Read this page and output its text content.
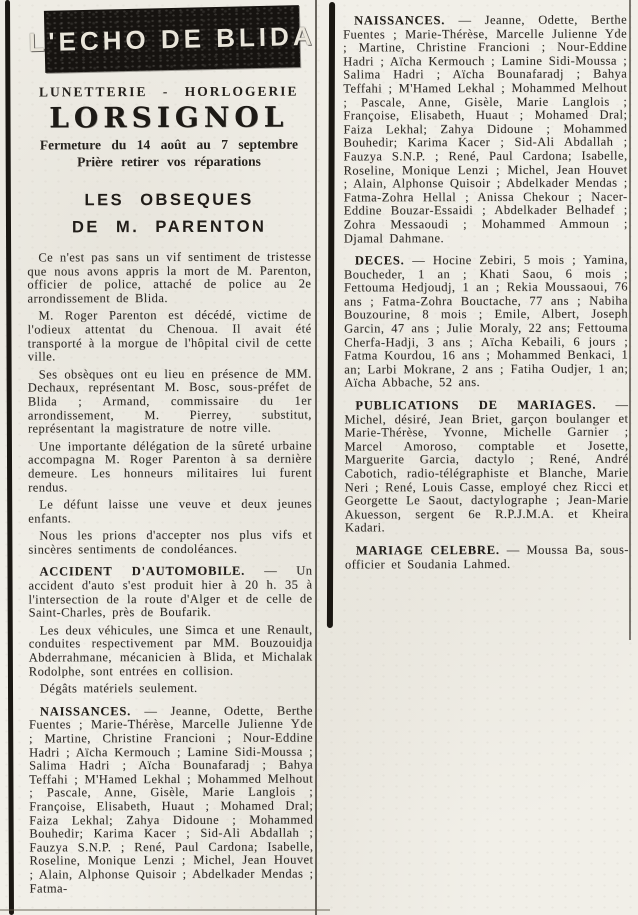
L'ECHO DE BLIDA
LUNETTERIE - HORLOGERIE
LORSIGNOL
Fermeture du 14 août au 7 septembre
Prière retirer vos réparations
LES OBSEQUES
DE M. PARENTON

Ce n'est pas sans un vif sentiment de tristesse que nous avons appris la mort de M. Parenton, officier de police, attaché de police au 2e arrondissement de Blida.

M. Roger Parenton est décédé, victime de l'odieux attentat du Chenoua. Il avait été transporté à la morgue de l'hôpital civil de cette ville.

Ses obsèques ont eu lieu en présence de MM. Dechaux, représentant M. Bosc, sous-préfet de Blida ; Armand, commissaire du 1er arrondissement, M. Pierrey, substitut, représentant la magistrature de notre ville.

Une importante délégation de la sûreté urbaine accompagna M. Roger Parenton à sa dernière demeure. Les honneurs militaires lui furent rendus.

Le défunt laisse une veuve et deux jeunes enfants.

Nous les prions d'accepter nos plus vifs et sincères sentiments de condoléances.

ACCIDENT D'AUTOMOBILE. — Un accident d'auto s'est produit hier à 20 h. 35 à l'intersection de la route d'Alger et de celle de Saint-Charles, près de Boufarik.

Les deux véhicules, une Simca et une Renault, conduites respectivement par MM. Bouzouidja Abderrahmane, mécanicien à Blida, et Michalak Rodolphe, sont entrées en collision.

Dégâts matériels seulement.

NAISSANCES. — Jeanne, Odette, Berthe Fuentes ; Marie-Thérèse, Marcelle Julienne Yde ; Martine, Christine Francioni ; Nour-Eddine Hadri ; Aïcha Kermouch ; Lamine Sidi-Moussa ; Salima Hadri ; Aïcha Bounafaradj ; Bahya Teffahi ; M'Hamed Lekhal ; Mohammed Melhout ; Pascale, Anne, Gisèle, Marie Langlois ; Françoise, Elisabeth, Huaut ; Mohamed Dral; Faiza Lekhal; Zahya Didoune ; Mohammed Bouhedir; Karima Kacer ; Sid-Ali Abdallah ; Fauzya S.N.P. ; René, Paul Cardona; Isabelle, Roseline, Monique Lenzi ; Michel, Jean Houvet ; Alain, Alphonse Quisoir ; Abdelkader Mendas ; Fatma-

NAISSANCES. — Jeanne, Odette, Berthe Fuentes ; Marie-Thérèse, Marcelle Julienne Yde ; Martine, Christine Francioni ; Nour-Eddine Hadri ; Aïcha Kermouch ; Lamine Sidi-Moussa ; Salima Hadri ; Aïcha Bounafaradj ; Bahya Teffahi ; M'Hamed Lekhal ; Mohammed Melhout ; Pascale, Anne, Gisèle, Marie Langlois ; Françoise, Elisabeth, Huaut ; Mohamed Dral; Faiza Lekhal; Zahya Didoune ; Mohammed Bouhedir; Karima Kacer ; Sid-Ali Abdallah ; Fauzya S.N.P. ; René, Paul Cardona; Isabelle, Roseline, Monique Lenzi ; Michel, Jean Houvet ; Alain, Alphonse Quisoir ; Abdelkader Mendas ; Fatma-Zohra Hellal ; Anissa Chekour ; Nacer-Eddine Bouzar-Essaidi ; Abdelkader Belhadef ; Zohra Messaoudi ; Mohammed Ammoun ; Djamal Dahmane.

DECES. — Hocine Zebiri, 5 mois ; Yamina, Boucheder, 1 an ; Khati Saou, 6 mois ; Fettouma Hedjoudj, 1 an ; Rekia Moussaoui, 76 ans ; Fatma-Zohra Bouctache, 77 ans ; Nabiha Bouzourine, 8 mois ; Emile, Albert, Joseph Garcin, 47 ans ; Julie Moraly, 22 ans; Fettouma Cherfa-Hadji, 3 ans ; Aïcha Kebaili, 6 jours ; Fatma Kourdou, 16 ans ; Mohammed Benkaci, 1 an; Larbi Mokrane, 2 ans ; Fatiha Oudjer, 1 an; Aïcha Abbache, 52 ans.

PUBLICATIONS DE MARIAGES. — Michel, désiré, Jean Briet, garçon boulanger et Marie-Thérèse, Yvonne, Michelle Garnier ; Marcel Amoroso, comptable et Josette, Marguerite Garcia, dactylo ; René, André Cabotich, radio-télégraphiste et Blanche, Marie Neri ; René, Louis Casse, employé chez Ricci et Georgette Le Saout, dactylographe ; Jean-Marie Akuesson, sergent 6e R.P.J.M.A. et Kheira Kadari.

MARIAGE CELEBRE. — Moussa Ba, sous-officier et Soudania Lahmed.
